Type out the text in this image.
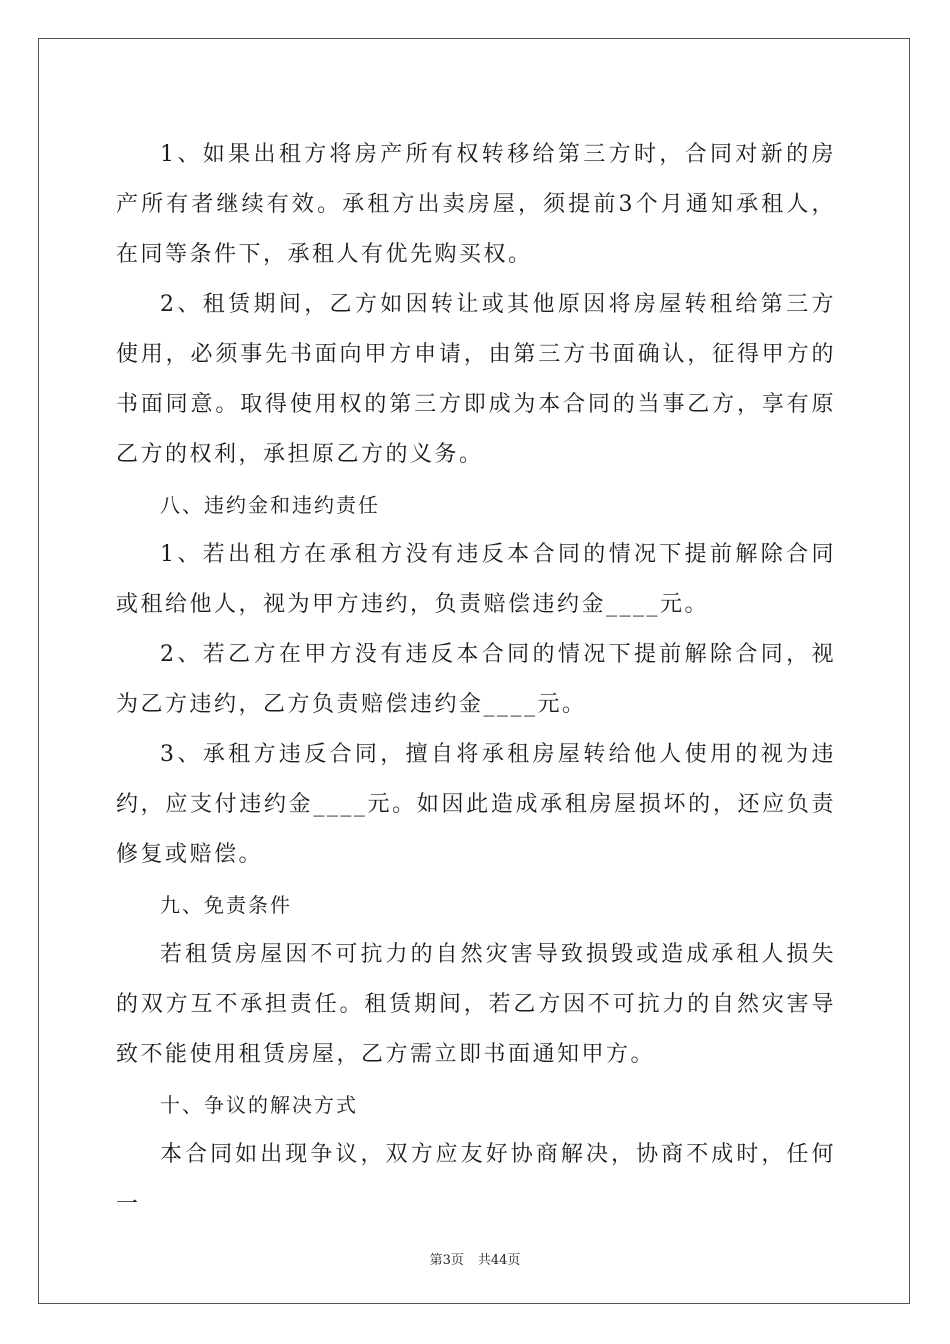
1、如果出租方将房产所有权转移给第三方时，合同对新的房产所有者继续有效。承租方出卖房屋，须提前3个月通知承租人，在同等条件下，承租人有优先购买权。

2、租赁期间，乙方如因转让或其他原因将房屋转租给第三方使用，必须事先书面向甲方申请，由第三方书面确认，征得甲方的书面同意。取得使用权的第三方即成为本合同的当事乙方，享有原乙方的权利，承担原乙方的义务。

八、违约金和违约责任

1、若出租方在承租方没有违反本合同的情况下提前解除合同或租给他人，视为甲方违约，负责赔偿违约金____元。

2、若乙方在甲方没有违反本合同的情况下提前解除合同，视为乙方违约，乙方负责赔偿违约金____元。

3、承租方违反合同，擅自将承租房屋转给他人使用的视为违约，应支付违约金____元。如因此造成承租房屋损坏的，还应负责修复或赔偿。

九、免责条件

若租赁房屋因不可抗力的自然灾害导致损毁或造成承租人损失的双方互不承担责任。租赁期间，若乙方因不可抗力的自然灾害导致不能使用租赁房屋，乙方需立即书面通知甲方。

十、争议的解决方式

本合同如出现争议，双方应友好协商解决，协商不成时，任何一

第3页 共44页
